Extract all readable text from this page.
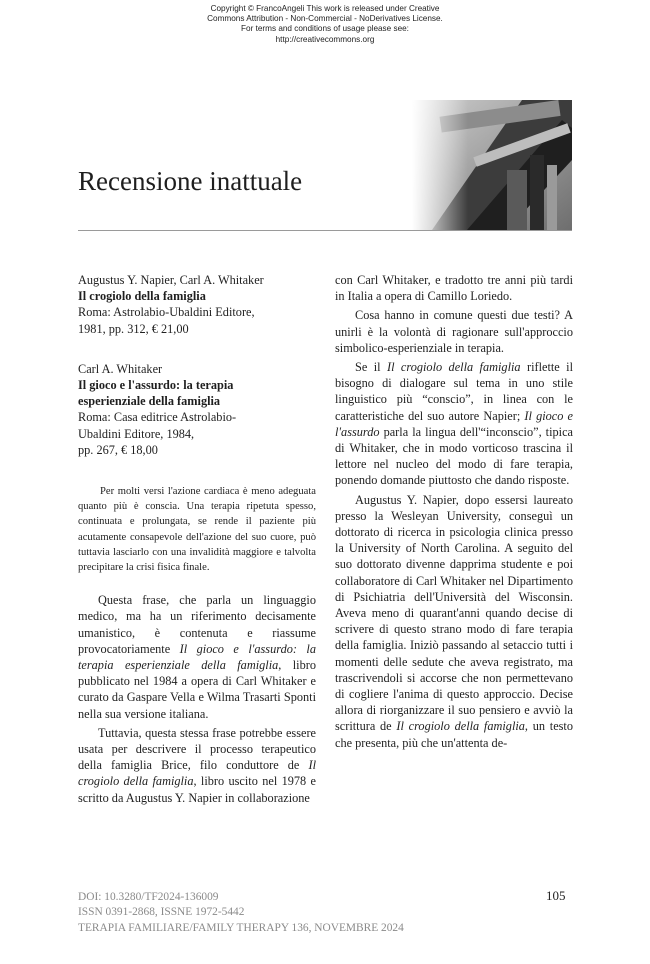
Copyright © FrancoAngeli This work is released under Creative
Commons Attribution - Non-Commercial - NoDerivatives License.
For terms and conditions of usage please see:
http://creativecommons.org
Recensione inattuale
Augustus Y. Napier, Carl A. Whitaker
Il crogiolo della famiglia
Roma: Astrolabio-Ubaldini Editore,
1981, pp. 312, € 21,00
Carl A. Whitaker
Il gioco e l'assurdo: la terapia
esperienziale della famiglia
Roma: Casa editrice Astrolabio-
Ubaldini Editore, 1984,
pp. 267, € 18,00

Per molti versi l'azione cardiaca è meno adeguata quanto più è conscia. Una terapia ripetuta spesso, continuata e prolungata, se rende il paziente più acutamente consapevole dell'azione del suo cuore, può tuttavia lasciarlo con una invalidità maggiore e talvolta precipitare la crisi fisica finale.

Questa frase, che parla un linguaggio medico, ma ha un riferimento decisamente umanistico, è contenuta e riassume provocatoriamente Il gioco e l'assurdo: la terapia esperienziale della famiglia, libro pubblicato nel 1984 a opera di Carl Whitaker e curato da Gaspare Vella e Wilma Trasarti Sponti nella sua versione italiana.

Tuttavia, questa stessa frase potrebbe essere usata per descrivere il processo terapeutico della famiglia Brice, filo conduttore de Il crogiolo della famiglia, libro uscito nel 1978 e scritto da Augustus Y. Napier in collaborazione

con Carl Whitaker, e tradotto tre anni più tardi in Italia a opera di Camillo Loriedo.

Cosa hanno in comune questi due testi? A unirli è la volontà di ragionare sull'approccio simbolico-esperienziale in terapia.

Se il Il crogiolo della famiglia riflette il bisogno di dialogare sul tema in uno stile linguistico più “conscio”, in linea con le caratteristiche del suo autore Napier; Il gioco e l'assurdo parla la lingua dell'“inconscio”, tipica di Whitaker, che in modo vorticoso trascina il lettore nel nucleo del modo di fare terapia, ponendo domande piuttosto che dando risposte.

Augustus Y. Napier, dopo essersi laureato presso la Wesleyan University, conseguì un dottorato di ricerca in psicologia clinica presso la University of North Carolina. A seguito del suo dottorato divenne dapprima studente e poi collaboratore di Carl Whitaker nel Dipartimento di Psichiatria dell'Università del Wisconsin. Aveva meno di quarant'anni quando decise di scrivere di questo strano modo di fare terapia della famiglia. Iniziò passando al setaccio tutti i momenti delle sedute che aveva registrato, ma trascrivendoli si accorse che non permettevano di cogliere l'anima di questo approccio. Decise allora di riorganizzare il suo pensiero e avviò la scrittura de Il crogiolo della famiglia, un testo che presenta, più che un'attenta de-

DOI: 10.3280/TF2024-136009
ISSN 0391-2868, ISSNE 1972-5442
TERAPIA FAMILIARE/FAMILY THERAPY 136, NOVEMBRE 2024
105
